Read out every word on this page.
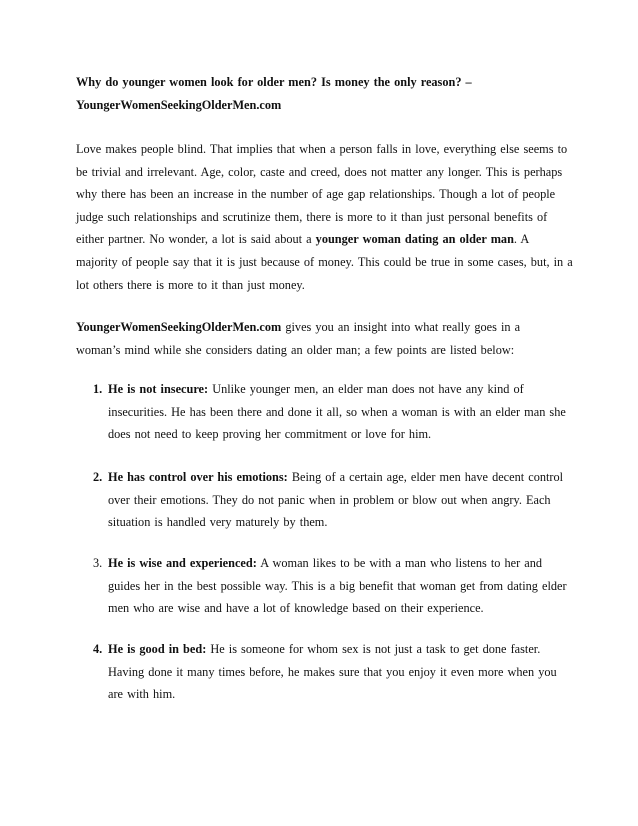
Why do younger women look for older men? Is money the only reason? –
YoungerWomenSeekingOlderMen.com
Love makes people blind. That implies that when a person falls in love, everything else seems to
be trivial and irrelevant. Age, color, caste and creed, does not matter any longer. This is perhaps
why there has been an increase in the number of age gap relationships. Though a lot of people
judge such relationships and scrutinize them, there is more to it than just personal benefits of
either partner. No wonder, a lot is said about a younger woman dating an older man. A
majority of people say that it is just because of money. This could be true in some cases, but, in a
lot others there is more to it than just money.
YoungerWomenSeekingOlderMen.com gives you an insight into what really goes in a
woman’s mind while she considers dating an older man; a few points are listed below:
1. He is not insecure: Unlike younger men, an elder man does not have any kind of
insecurities. He has been there and done it all, so when a woman is with an elder man she
does not need to keep proving her commitment or love for him.
2. He has control over his emotions: Being of a certain age, elder men have decent control
over their emotions. They do not panic when in problem or blow out when angry. Each
situation is handled very maturely by them.
3. He is wise and experienced: A woman likes to be with a man who listens to her and
guides her in the best possible way. This is a big benefit that woman get from dating elder
men who are wise and have a lot of knowledge based on their experience.
4. He is good in bed: He is someone for whom sex is not just a task to get done faster.
Having done it many times before, he makes sure that you enjoy it even more when you
are with him.
